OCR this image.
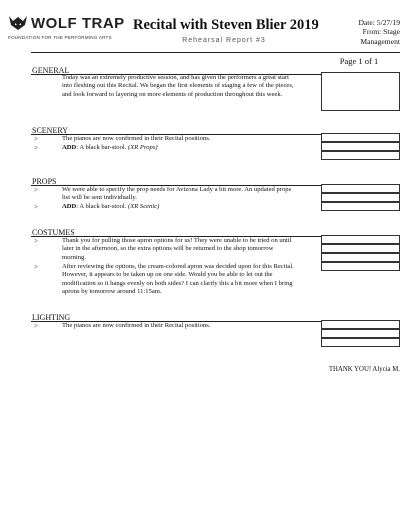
WOLF TRAP
FOUNDATION FOR THE PERFORMING ARTS
Recital with Steven Blier 2019
Rehearsal Report #3
Date: 5/27/19
From: Stage
Management
Page 1 of 1
GENERAL
Today was an extremely productive session, and has given the performers a great start
into fleshing out this Recital. We began the first elements of staging a few of the pieces,
and look forward to layering on more elements of production throughout this week.
SCENERY
>	The pianos are now confirmed in their Recital positions.
>	ADD: A black bar-stool. (XR Props)
PROPS
>	We were able to specify the prop needs for Avizona Lady a bit more. An updated props
list will be sent individually.
>	ADD: A black bar-stool. (XR Scenic)
COSTUMES
>	Thank you for pulling those apron options for us! They were unable to be tried on until
later in the afternoon, so the extra options will be returned to the shop tomorrow
morning.
>	After reviewing the options, the cream-colored apron was decided upon for this Recital.
However, it appears to be taken up on one side. Would you be able to let out the
modification so it hangs evenly on both sides? I can clarify this a bit more when I bring
aprons by tomorrow around 11:15am.
LIGHTING
>	The pianos are now confirmed in their Recital positions.
THANK YOU! Alycia M.
